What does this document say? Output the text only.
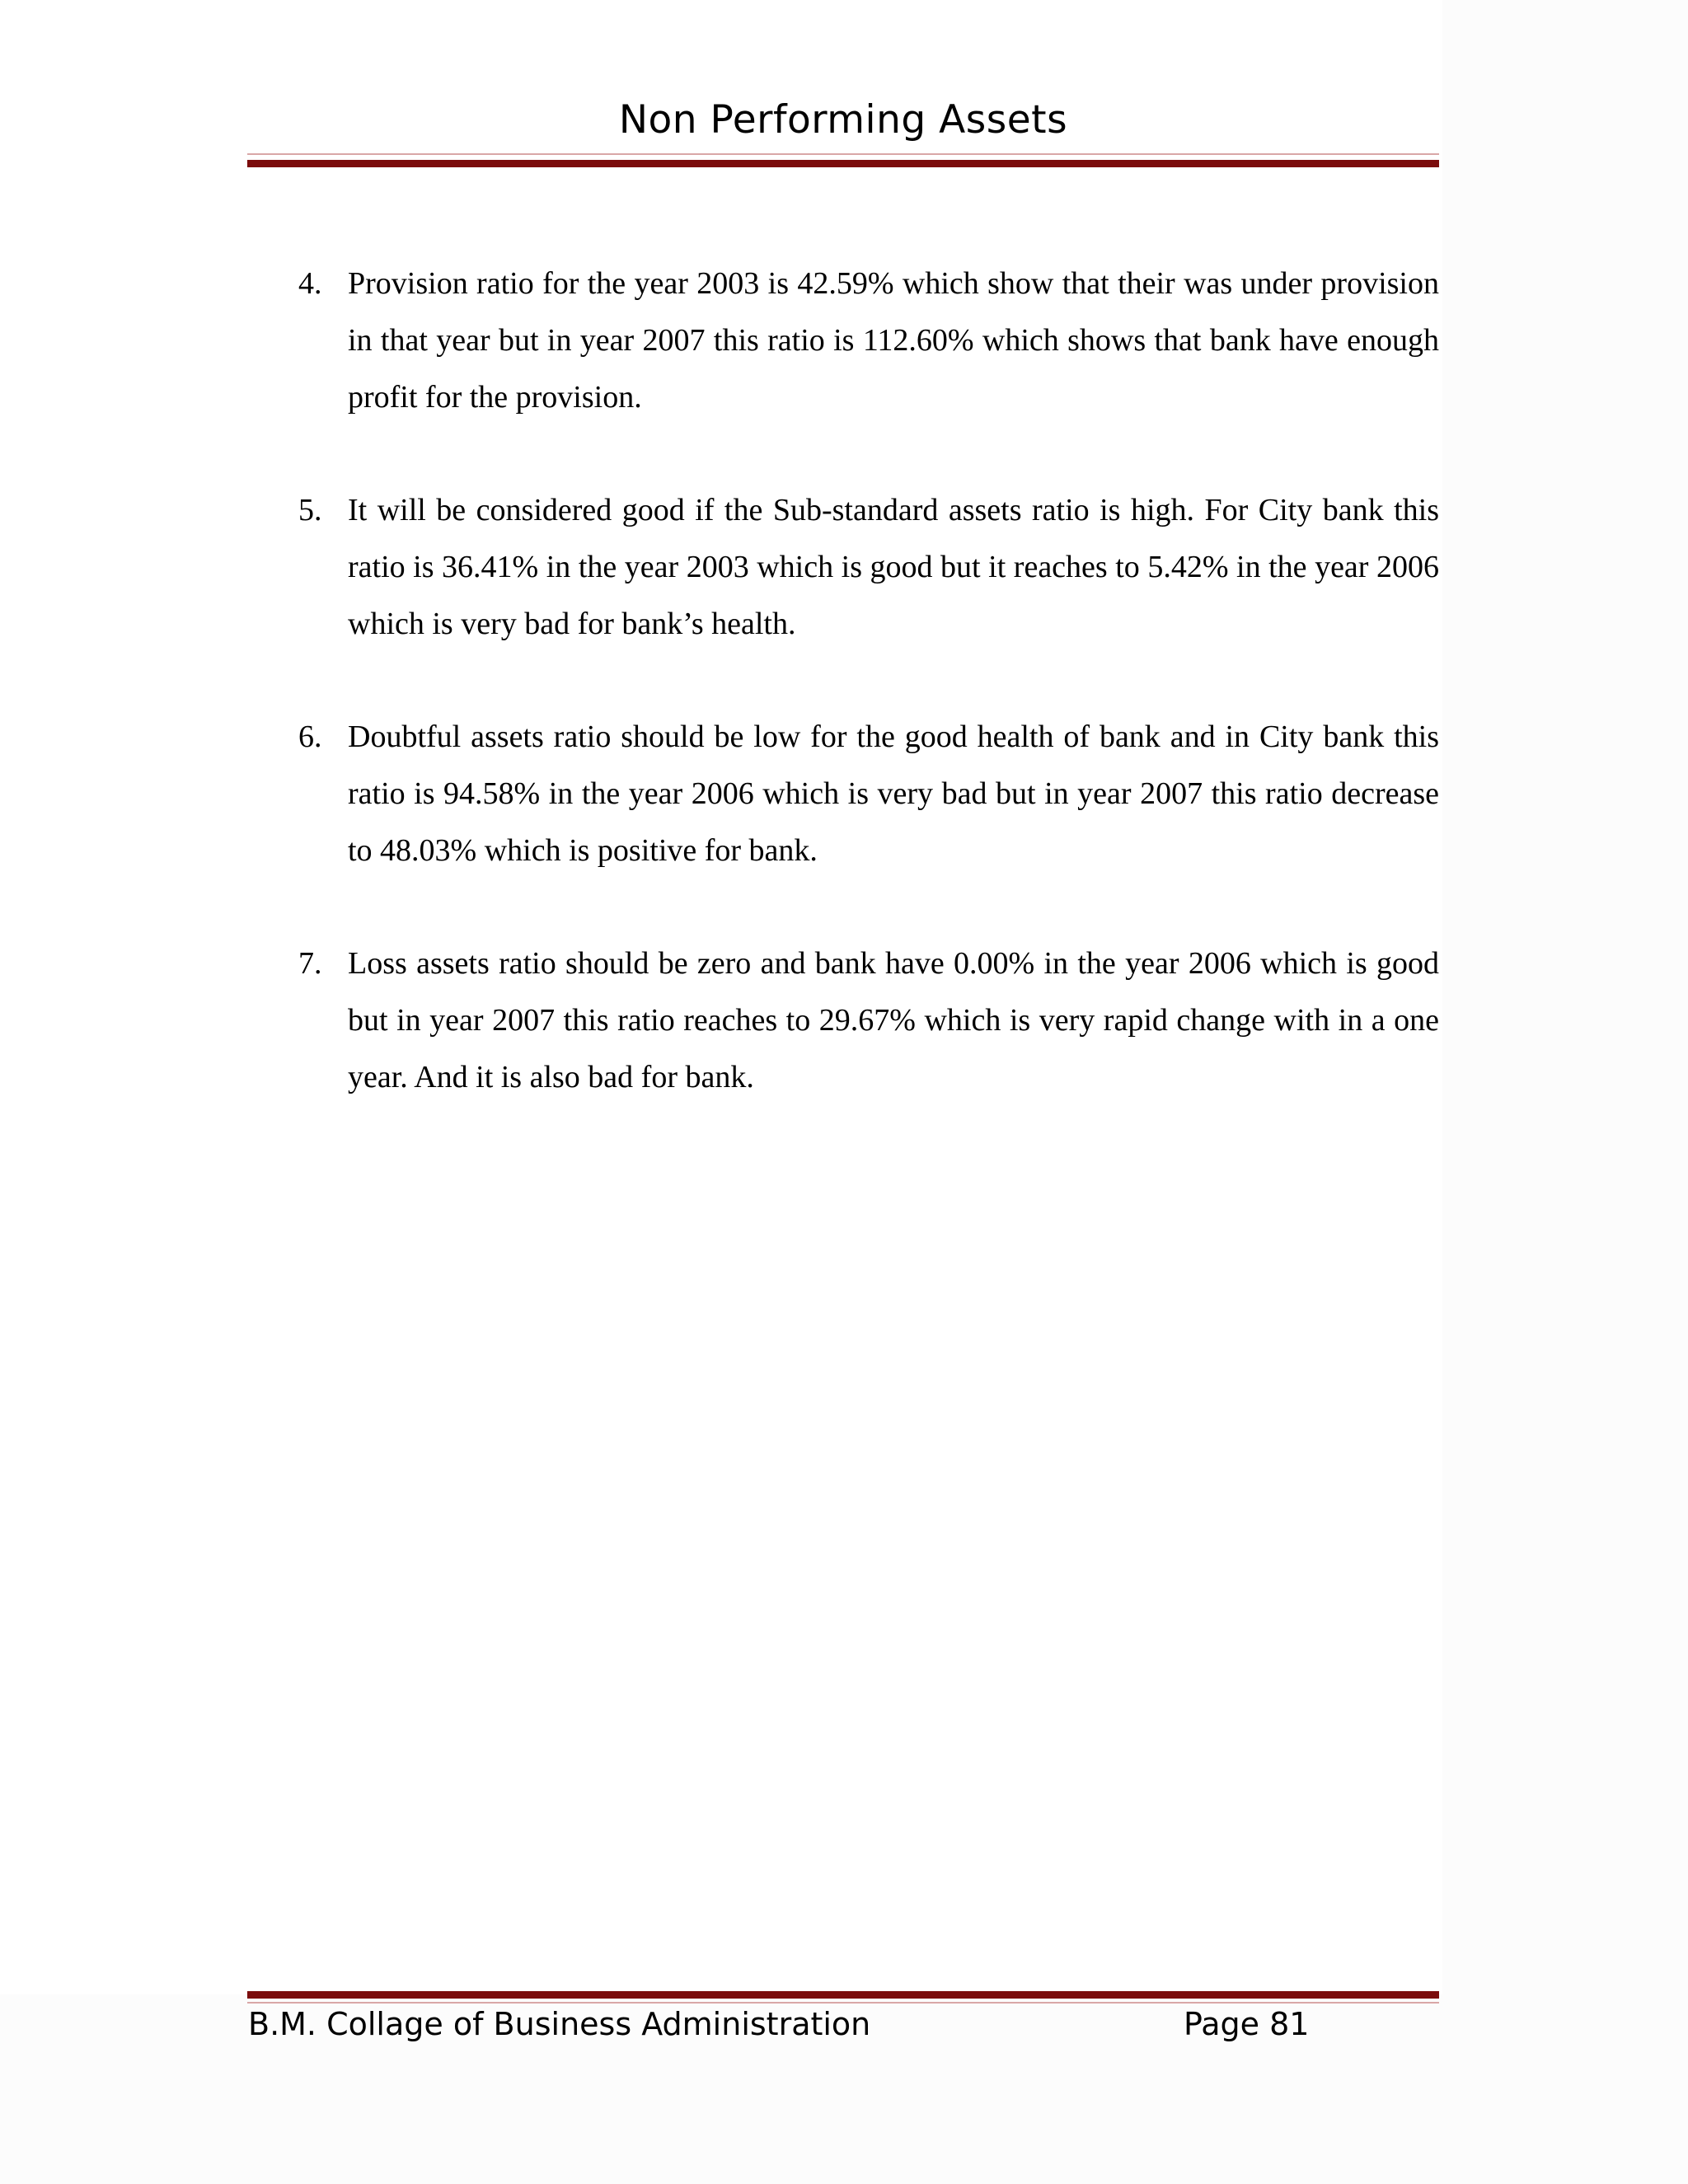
Non Performing Assets
4. Provision ratio for the year 2003 is 42.59% which show that their was under provision in that year but in year 2007 this ratio is 112.60% which shows that bank have enough profit for the provision.
5. It will be considered good if the Sub-standard assets ratio is high. For City bank this ratio is 36.41% in the year 2003 which is good but it reaches to 5.42% in the year 2006 which is very bad for bank’s health.
6. Doubtful assets ratio should be low for the good health of bank and in City bank this ratio is 94.58% in the year 2006 which is very bad but in year 2007 this ratio decrease to 48.03% which is positive for bank.
7. Loss assets ratio should be zero and bank have 0.00% in the year 2006 which is good but in year 2007 this ratio reaches to 29.67% which is very rapid change with in a one year. And it is also bad for bank.
B.M. Collage of Business Administration	Page 81
